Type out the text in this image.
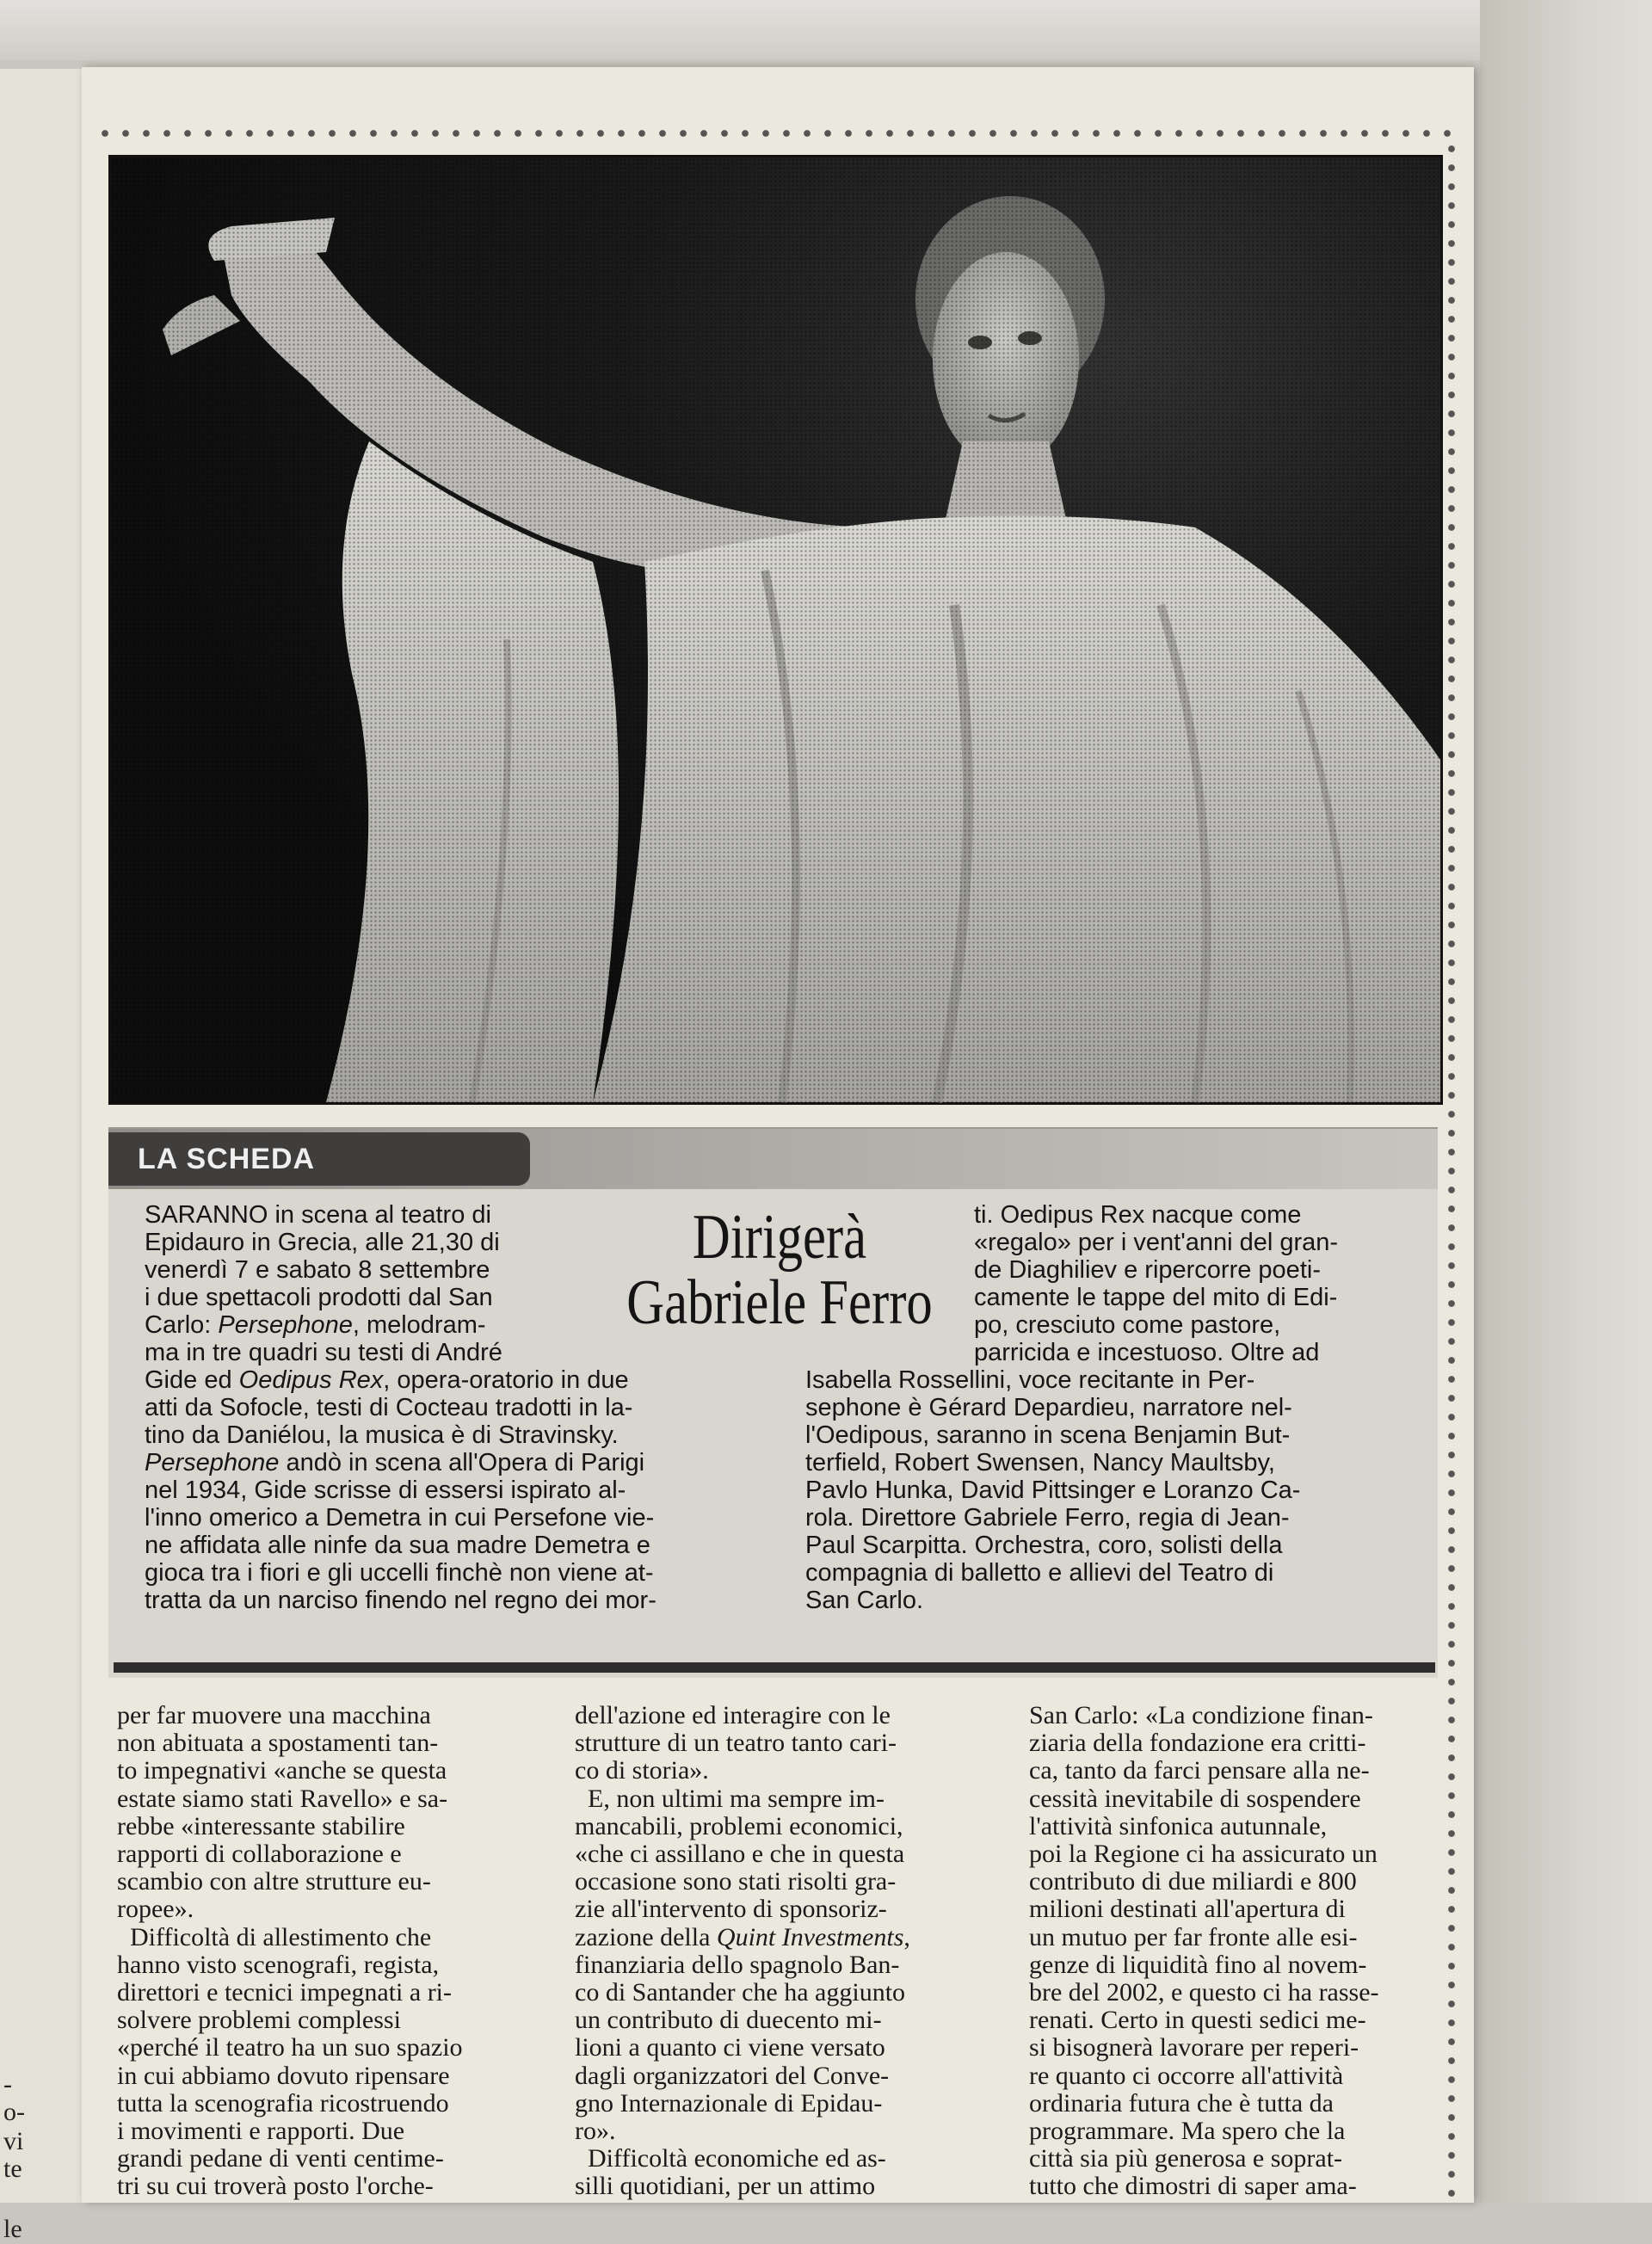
-
o-
vi
te
le
LA SCHEDA
Dirigerà
Gabriele Ferro
SARANNO in scena al teatro di
Epidauro in Grecia, alle 21,30 di
venerdì 7 e sabato 8 settembre
i due spettacoli prodotti dal San
Carlo: Persephone, melodram-
ma in tre quadri su testi di André
Gide ed Oedipus Rex, opera-oratorio in due
atti da Sofocle, testi di Cocteau tradotti in la-
tino da Daniélou, la musica è di Stravinsky.
Persephone andò in scena all'Opera di Parigi
nel 1934, Gide scrisse di essersi ispirato al-
l'inno omerico a Demetra in cui Persefone vie-
ne affidata alle ninfe da sua madre Demetra e
gioca tra i fiori e gli uccelli finchè non viene at-
tratta da un narciso finendo nel regno dei mor-
ti. Oedipus Rex nacque come
«regalo» per i vent'anni del gran-
de Diaghiliev e ripercorre poeti-
camente le tappe del mito di Edi-
po, cresciuto come pastore,
parricida e incestuoso. Oltre ad
Isabella Rossellini, voce recitante in Per-
sephone è Gérard Depardieu, narratore nel-
l'Oedipous, saranno in scena Benjamin But-
terfield, Robert Swensen, Nancy Maultsby,
Pavlo Hunka, David Pittsinger e Loranzo Ca-
rola. Direttore Gabriele Ferro, regia di Jean-
Paul Scarpitta. Orchestra, coro, solisti della
compagnia di balletto e allievi del Teatro di
San Carlo.
per far muovere una macchina
non abituata a spostamenti tan-
to impegnativi «anche se questa
estate siamo stati Ravello» e sa-
rebbe «interessante stabilire
rapporti di collaborazione e
scambio con altre strutture eu-
ropee».
Difficoltà di allestimento che
hanno visto scenografi, regista,
direttori e tecnici impegnati a ri-
solvere problemi complessi
«perché il teatro ha un suo spazio
in cui abbiamo dovuto ripensare
tutta la scenografia ricostruendo
i movimenti e rapporti. Due
grandi pedane di venti centime-
tri su cui troverà posto l'orche-
dell'azione ed interagire con le
strutture di un teatro tanto cari-
co di storia».
E, non ultimi ma sempre im-
mancabili, problemi economici,
«che ci assillano e che in questa
occasione sono stati risolti gra-
zie all'intervento di sponsoriz-
zazione della Quint Investments,
finanziaria dello spagnolo Ban-
co di Santander che ha aggiunto
un contributo di duecento mi-
lioni a quanto ci viene versato
dagli organizzatori del Conve-
gno Internazionale di Epidau-
ro».
Difficoltà economiche ed as-
silli quotidiani, per un attimo
San Carlo: «La condizione finan-
ziaria della fondazione era critti-
ca, tanto da farci pensare alla ne-
cessità inevitabile di sospendere
l'attività sinfonica autunnale,
poi la Regione ci ha assicurato un
contributo di due miliardi e 800
milioni destinati all'apertura di
un mutuo per far fronte alle esi-
genze di liquidità fino al novem-
bre del 2002, e questo ci ha rasse-
renati. Certo in questi sedici me-
si bisognerà lavorare per reperi-
re quanto ci occorre all'attività
ordinaria futura che è tutta da
programmare. Ma spero che la
città sia più generosa e soprat-
tutto che dimostri di saper ama-
